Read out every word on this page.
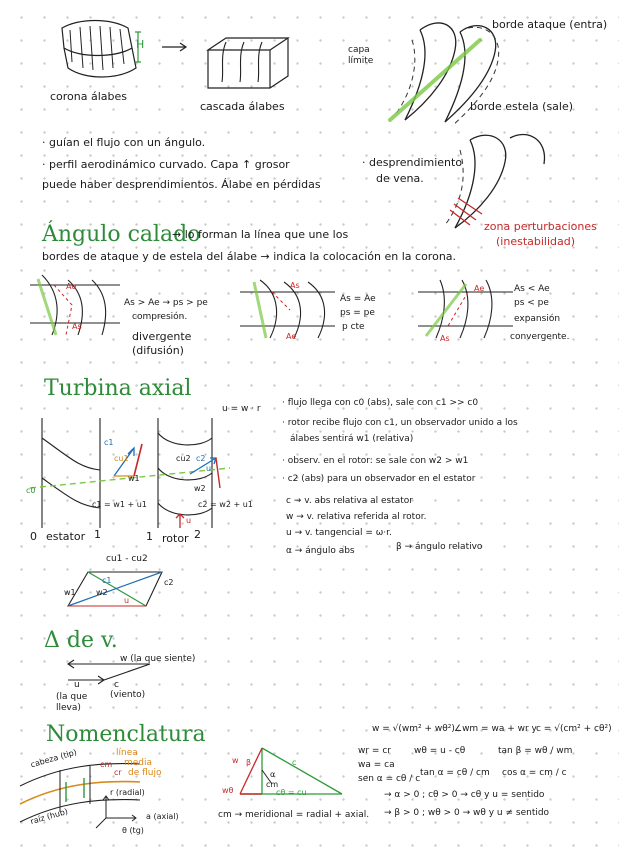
H
corona álabes
cascada álabes
capa límite
borde ataque (entra)
borde estela (sale)
· guían el flujo con un ángulo.
· perfil aerodinámico curvado. Capa ↑ grosor
puede haber desprendimientos. Álabe en pérdidas
· desprendimiento
de vena.
zona perturbaciones
(inestabilidad)
Ángulo calado
→ lo forman la línea que une los
bordes de ataque y de estela del álabe → indica la colocación en la corona.
Ae
As
As > Ae → ps > pe
compresión.
divergente
(difusión)
As
Ae
As = Ae
ps = pe
p cte
Ae
As
As < Ae
ps < pe
expansión
convergente.
Turbina axial
u = w · r
c1
cu1
w1
c2
cu2
u
w2
c0
c1 = w1 + u1	c2 = w2 + u1
0 estator 1	1 rotor 2
u
cu1 - cu2
c1	c2
w1	w2
u
· flujo llega con c0 (abs), sale con c1 >> c0
· rotor recibe flujo con c1, un observador unido a los
álabes sentirá w1 (relativa)
· observ. en el rotor: se sale con w2 > w1
· c2 (abs) para un observador en el estator
c → v. abs relativa al estator
w → v. relativa referida al rotor.
u → v. tangencial = ω·r.
α → ángulo abs	β → ángulo relativo
Δ de v.
w (la que siente)
u
(la que lleva)
c
(viento)
Nomenclatura
cabeza (tip)
raíz (hub)
cm
cr
línea
media
de flujo
r (radial)
a (axial)
θ (tg)
w	c
β
α
cm
wθ	cθ = cu
cm → meridional = radial + axial.
w = √(wm² + wθ²) ∠wm = wa + wr y c = √(cm² + cθ²)
wr = cr
wa = ca
wθ = u - cθ	tan β = wθ / wm
sen α = cθ / c
tan α = cθ / cm cos α = cm / c
→ α > 0 ; cθ > 0 → cθ y u = sentido
→ β > 0 ; wθ > 0 → wθ y u ≠ sentido
